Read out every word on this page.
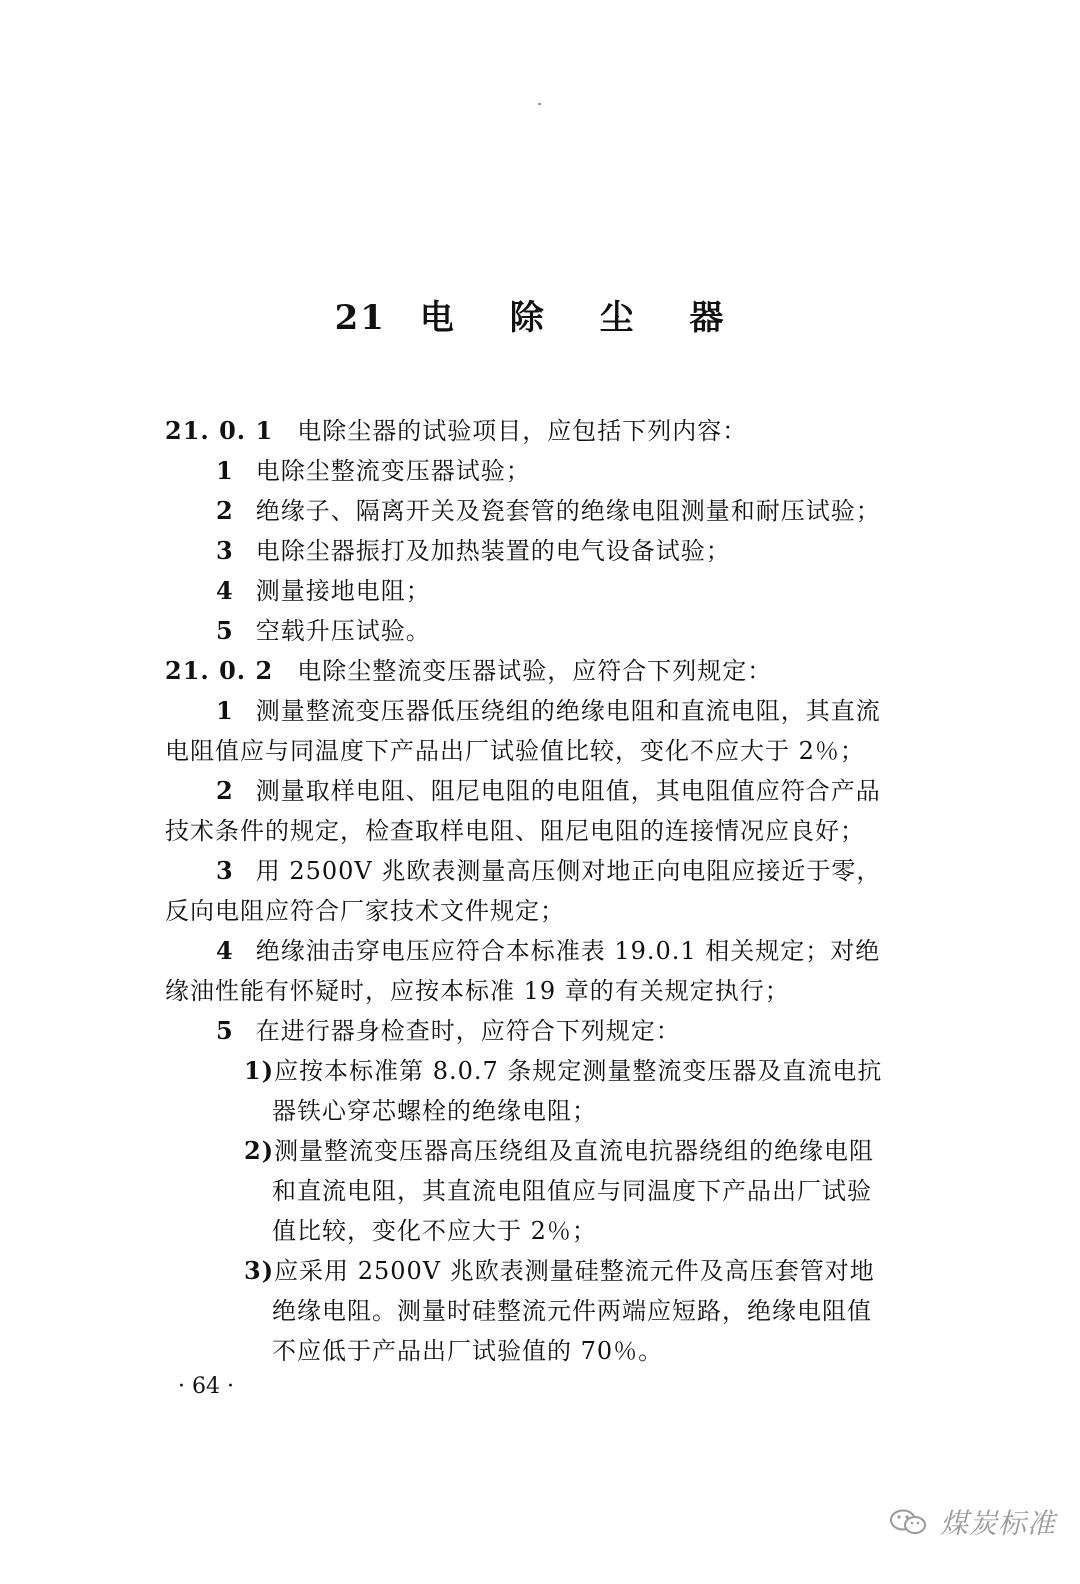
21 电 除 尘 器
21. 0. 1 电除尘器的试验项目，应包括下列内容：
1 电除尘整流变压器试验；
2 绝缘子、隔离开关及瓷套管的绝缘电阻测量和耐压试验；
3 电除尘器振打及加热装置的电气设备试验；
4 测量接地电阻；
5 空载升压试验。
21. 0. 2 电除尘整流变压器试验，应符合下列规定：
1 测量整流变压器低压绕组的绝缘电阻和直流电阻，其直流
电阻值应与同温度下产品出厂试验值比较，变化不应大于 2％；
2 测量取样电阻、阻尼电阻的电阻值，其电阻值应符合产品
技术条件的规定，检查取样电阻、阻尼电阻的连接情况应良好；
3 用 2500V 兆欧表测量高压侧对地正向电阻应接近于零，
反向电阻应符合厂家技术文件规定；
4 绝缘油击穿电压应符合本标准表 19.0.1 相关规定；对绝
缘油性能有怀疑时，应按本标准 19 章的有关规定执行；
5 在进行器身检查时，应符合下列规定：
1)应按本标准第 8.0.7 条规定测量整流变压器及直流电抗
器铁心穿芯螺栓的绝缘电阻；
2)测量整流变压器高压绕组及直流电抗器绕组的绝缘电阻
和直流电阻，其直流电阻值应与同温度下产品出厂试验
值比较，变化不应大于 2％；
3)应采用 2500V 兆欧表测量硅整流元件及高压套管对地
绝缘电阻。测量时硅整流元件两端应短路，绝缘电阻值
不应低于产品出厂试验值的 70％。
· 64 ·
煤炭标准
